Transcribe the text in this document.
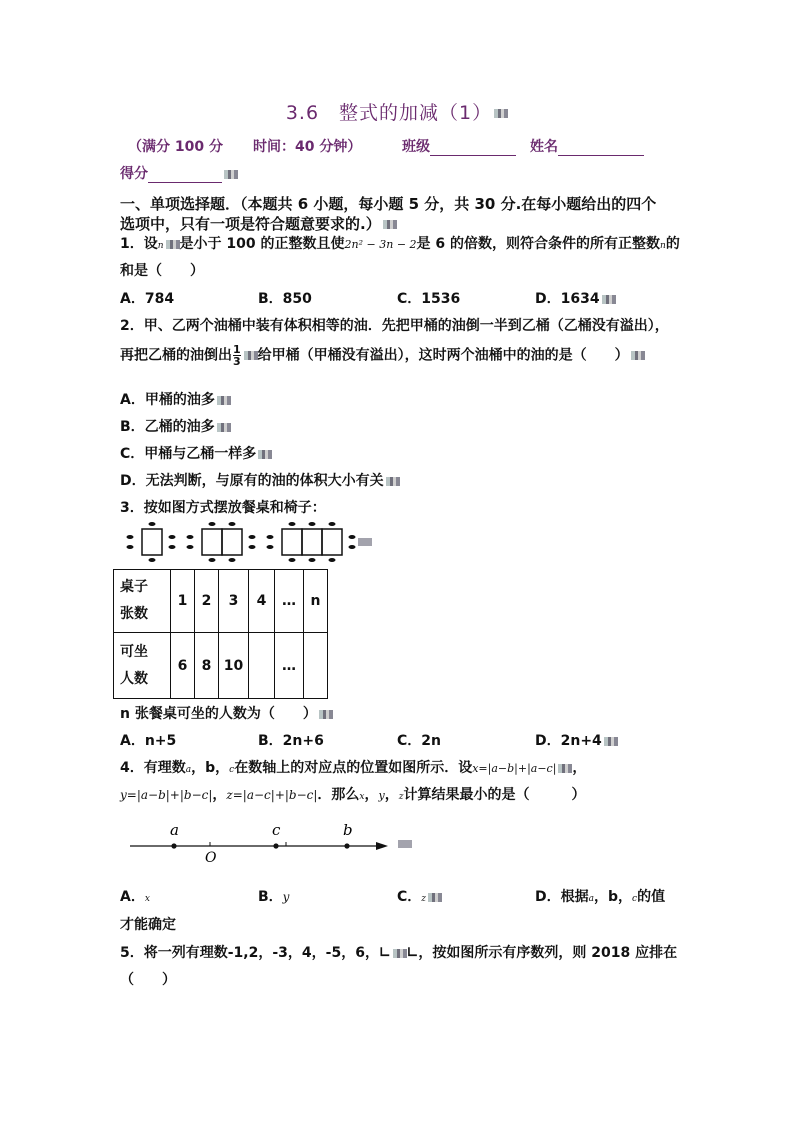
3.6　整式的加减（1）
（满分 100 分 时间：40 分钟）	班级	姓名
得分
一、单项选择题．（本题共 6 小题，每小题 5 分，共 30 分.在每小题给出的四个
选项中，只有一项是符合题意要求的.）
1．设n 是小于 100 的正整数且使2n² − 3n − 2是 6 的倍数，则符合条件的所有正整数n的
和是（　　）
A．784	B．850	C．1536	D．1634
2．甲、乙两个油桶中装有体积相等的油．先把甲桶的油倒一半到乙桶（乙桶没有溢出），
再把乙桶的油倒出 $\frac{1}{3}$ 给甲桶（甲桶没有溢出），这时两个油桶中的油的是（　　）
A．甲桶的油多
B．乙桶的油多
C．甲桶与乙桶一样多
D．无法判断，与原有的油的体积大小有关
3．按如图方式摆放餐桌和椅子：
桌子
张数	1	2	3	4	…	n
可坐
人数	6	8	10		…	
n 张餐桌可坐的人数为（　　）
A．n+5	B．2n+6	C．2n	D．2n+4
4．有理数a，b，c在数轴上的对应点的位置如图所示．设x=|a−b|+|a−c| ，
y=|a−b|+|b−c|，z=|a−c|+|b−c|．那么x，y，z计算结果最小的是（　　　）
a	c	b
O
A．x	B．y	C．z	D．根据a，b，c的值
才能确定
5．将一列有理数-1,2，-3，4，-5，6，∟ ∟，按如图所示有序数列，则 2018 应排在
（　　）
